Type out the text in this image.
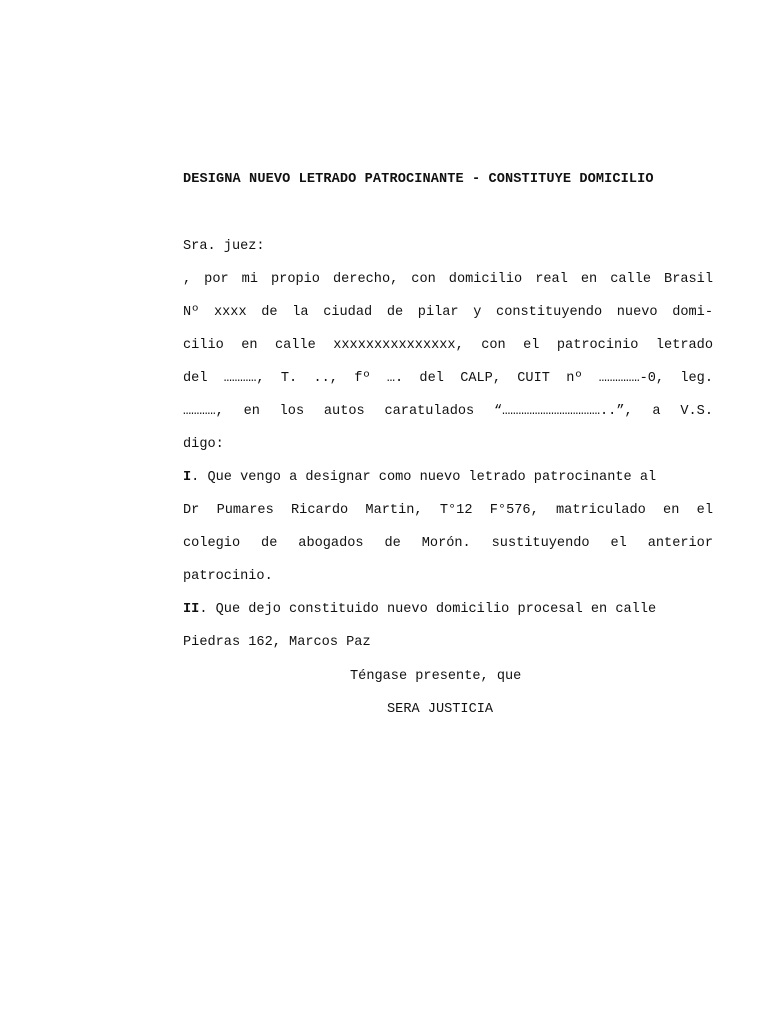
DESIGNA NUEVO LETRADO PATROCINANTE - CONSTITUYE DOMICILIO
Sra. juez:
, por mi propio derecho, con domicilio real en calle Brasil
Nº xxxx de la ciudad de pilar y constituyendo nuevo domi-
cilio en calle xxxxxxxxxxxxxxx, con el patrocinio letrado
del …………, T. .., fº …. del CALP, CUIT nº ……………-0, leg.
…………, en los autos caratulados “………………………………..”, a V.S.
digo:
I. Que vengo a designar como nuevo letrado patrocinante al
Dr Pumares Ricardo Martin, T°12 F°576, matriculado en el
colegio de abogados de Morón. sustituyendo el anterior
patrocinio.
II. Que dejo constituido nuevo domicilio procesal en calle
Piedras 162, Marcos Paz
Téngase presente, que
SERA JUSTICIA
